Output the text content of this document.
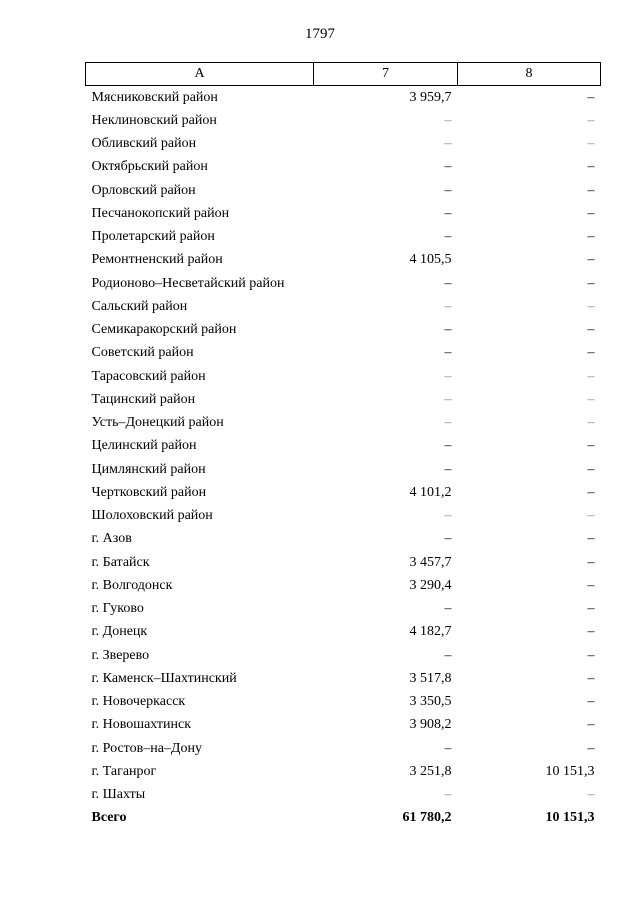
1797
А	7	8
Мясниковский район	3 959,7	–
Неклиновский район	–	–
Обливский район	–	–
Октябрьский район	–	–
Орловский район	–	–
Песчанокопский район	–	–
Пролетарский район	–	–
Ремонтненский район	4 105,5	–
Родионово–Несветайский район	–	–
Сальский район	–	–
Семикаракорский район	–	–
Советский район	–	–
Тарасовский район	–	–
Тацинский район	–	–
Усть–Донецкий район	–	–
Целинский район	–	–
Цимлянский район	–	–
Чертковский район	4 101,2	–
Шолоховский район	–	–
г. Азов	–	–
г. Батайск	3 457,7	–
г. Волгодонск	3 290,4	–
г. Гуково	–	–
г. Донецк	4 182,7	–
г. Зверево	–	–
г. Каменск–Шахтинский	3 517,8	–
г. Новочеркасск	3 350,5	–
г. Новошахтинск	3 908,2	–
г. Ростов–на–Дону	–	–
г. Таганрог	3 251,8	10 151,3
г. Шахты	–	–
Всего	61 780,2	10 151,3
